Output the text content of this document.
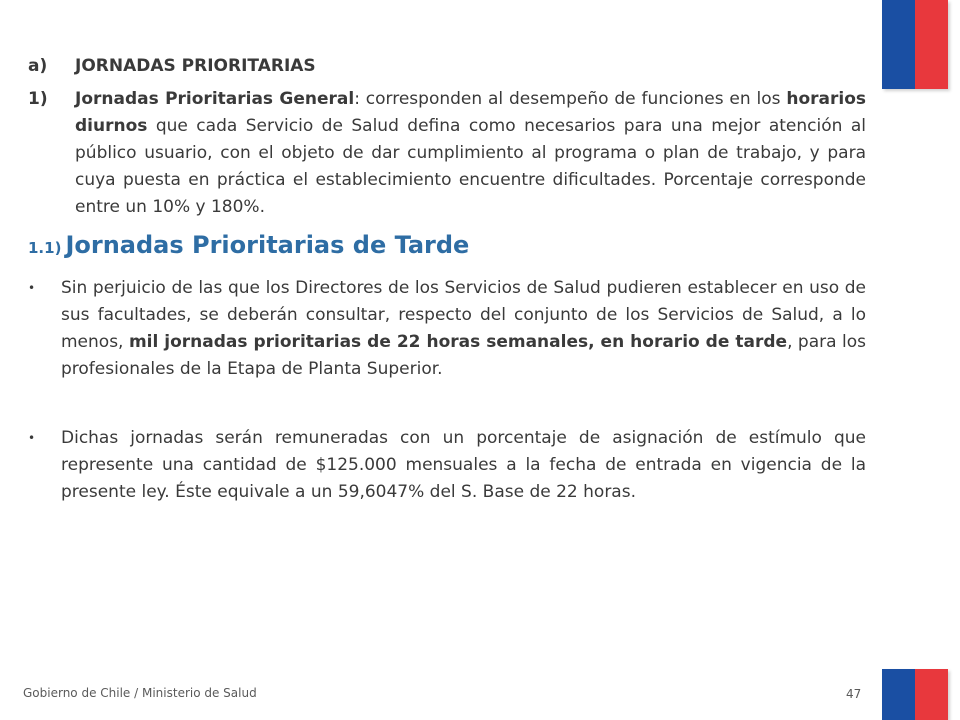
a)	JORNADAS PRIORITARIAS
1)	Jornadas Prioritarias General: corresponden al desempeño de funciones en los horarios diurnos que cada Servicio de Salud defina como necesarios para una mejor atención al público usuario, con el objeto de dar cumplimiento al programa o plan de trabajo, y para cuya puesta en práctica el establecimiento encuentre dificultades. Porcentaje corresponde entre un 10% y 180%.
1.1) Jornadas Prioritarias de Tarde
•	Sin perjuicio de las que los Directores de los Servicios de Salud pudieren establecer en uso de sus facultades, se deberán consultar, respecto del conjunto de los Servicios de Salud, a lo menos, mil jornadas prioritarias de 22 horas semanales, en horario de tarde, para los profesionales de la Etapa de Planta Superior.
•	Dichas jornadas serán remuneradas con un porcentaje de asignación de estímulo que represente una cantidad de $125.000 mensuales a la fecha de entrada en vigencia de la presente ley. Éste equivale a un 59,6047% del S. Base de 22 horas.
Gobierno de Chile / Ministerio de Salud	47
